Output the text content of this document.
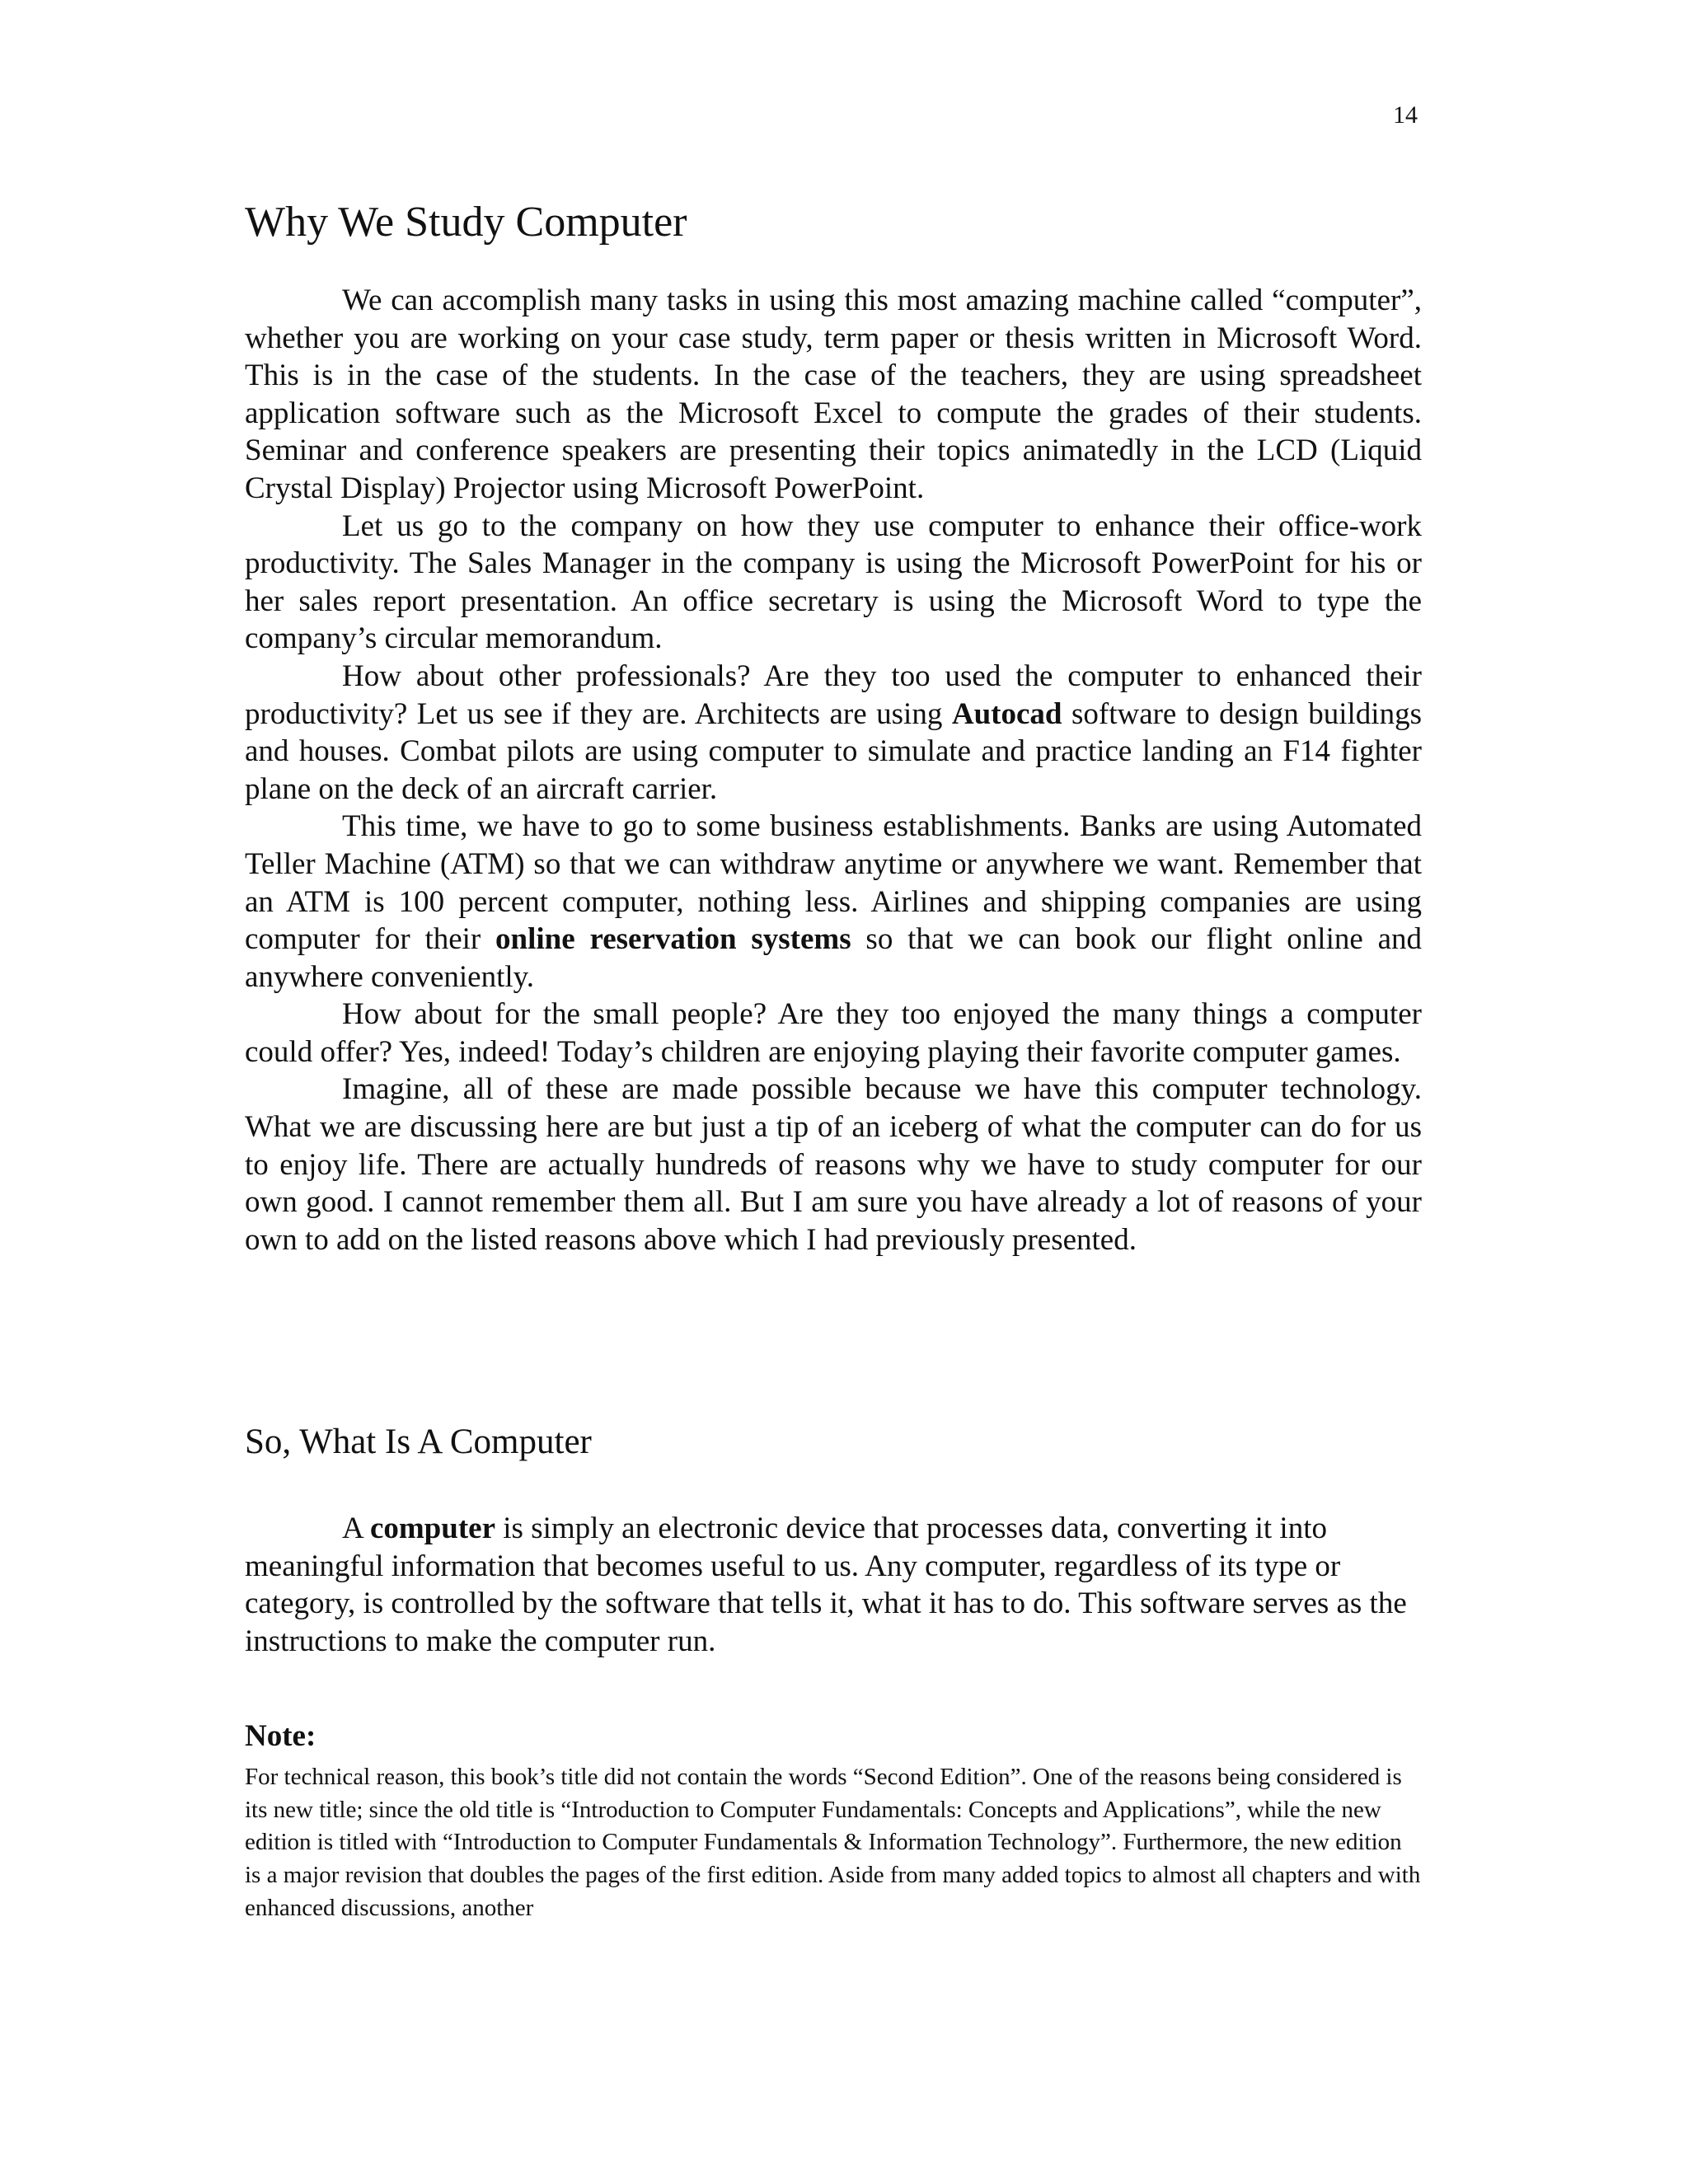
14
Why We Study Computer

We can accomplish many tasks in using this most amazing machine called “computer”, whether you are working on your case study, term paper or thesis written in Microsoft Word. This is in the case of the students. In the case of the teachers, they are using spreadsheet application software such as the Microsoft Excel to compute the grades of their students. Seminar and conference speakers are presenting their topics animatedly in the LCD (Liquid Crystal Display) Projector using Microsoft PowerPoint.

Let us go to the company on how they use computer to enhance their office-work productivity. The Sales Manager in the company is using the Microsoft PowerPoint for his or her sales report presentation. An office secretary is using the Microsoft Word to type the company’s circular memorandum.

How about other professionals? Are they too used the computer to enhanced their productivity? Let us see if they are. Architects are using Autocad software to design buildings and houses. Combat pilots are using computer to simulate and practice landing an F14 fighter plane on the deck of an aircraft carrier.

This time, we have to go to some business establishments. Banks are using Automated Teller Machine (ATM) so that we can withdraw anytime or anywhere we want. Remember that an ATM is 100 percent computer, nothing less. Airlines and shipping companies are using computer for their online reservation systems so that we can book our flight online and anywhere conveniently.

How about for the small people? Are they too enjoyed the many things a computer could offer? Yes, indeed! Today’s children are enjoying playing their favorite computer games.

Imagine, all of these are made possible because we have this computer technology. What we are discussing here are but just a tip of an iceberg of what the computer can do for us to enjoy life. There are actually hundreds of reasons why we have to study computer for our own good. I cannot remember them all. But I am sure you have already a lot of reasons of your own to add on the listed reasons above which I had previously presented.

So, What Is A Computer

A computer is simply an electronic device that processes data, converting it into meaningful information that becomes useful to us. Any computer, regardless of its type or category, is controlled by the software that tells it, what it has to do. This software serves as the instructions to make the computer run.

Note:

For technical reason, this book’s title did not contain the words “Second Edition”. One of the reasons being considered is its new title; since the old title is “Introduction to Computer Fundamentals: Concepts and Applications”, while the new edition is titled with “Introduction to Computer Fundamentals & Information Technology”. Furthermore, the new edition is a major revision that doubles the pages of the first edition. Aside from many added topics to almost all chapters and with enhanced discussions, another
